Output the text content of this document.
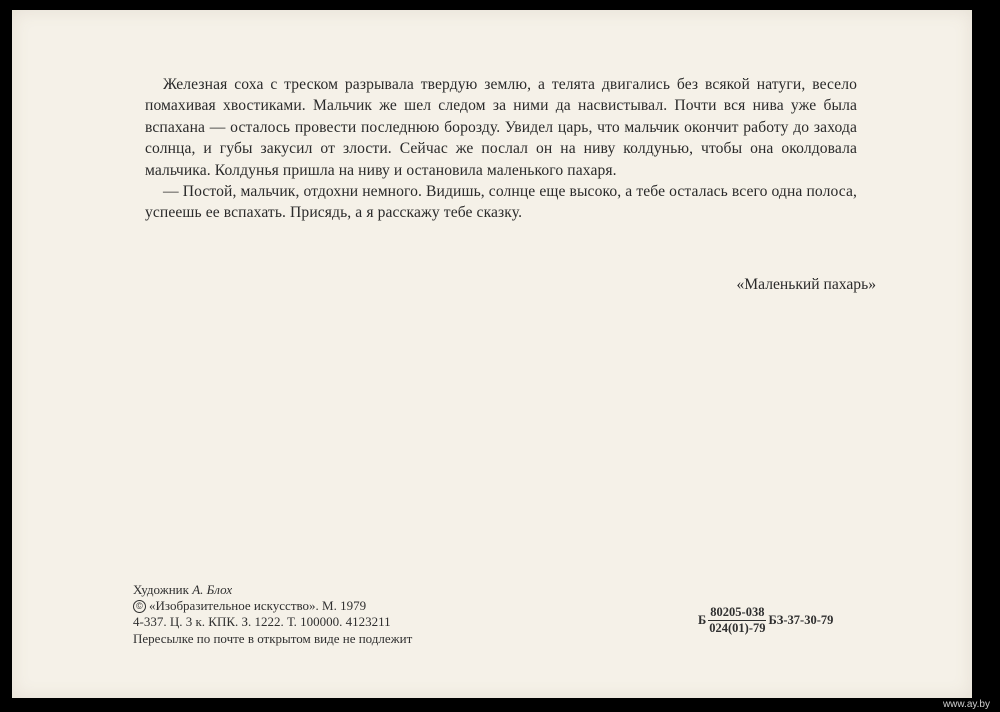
Железная соха с треском разрывала твердую землю, а телята двигались без всякой натуги, весело помахивая хвостиками. Мальчик же шел следом за ними да насвистывал. Почти вся нива уже была вспахана — осталось провести последнюю борозду. Увидел царь, что мальчик окончит работу до захода солнца, и губы закусил от злости. Сейчас же послал он на ниву колдунью, чтобы она околдовала мальчика. Колдунья пришла на ниву и остановила маленького пахаря.

— Постой, мальчик, отдохни немного. Видишь, солнце еще высоко, а тебе осталась всего одна полоса, успеешь ее вспахать. Присядь, а я расскажу тебе сказку.

«Маленький пахарь»
Художник А. Блох
© «Изобразительное искусство». М. 1979
4-337. Ц. 3 к. КПК. З. 1222. Т. 100000. 4123211
Пересылке по почте в открытом виде не подлежит
Б $\frac{80205-038}{024(01)-79} БЗ-37-30-79$
www.ay.by
